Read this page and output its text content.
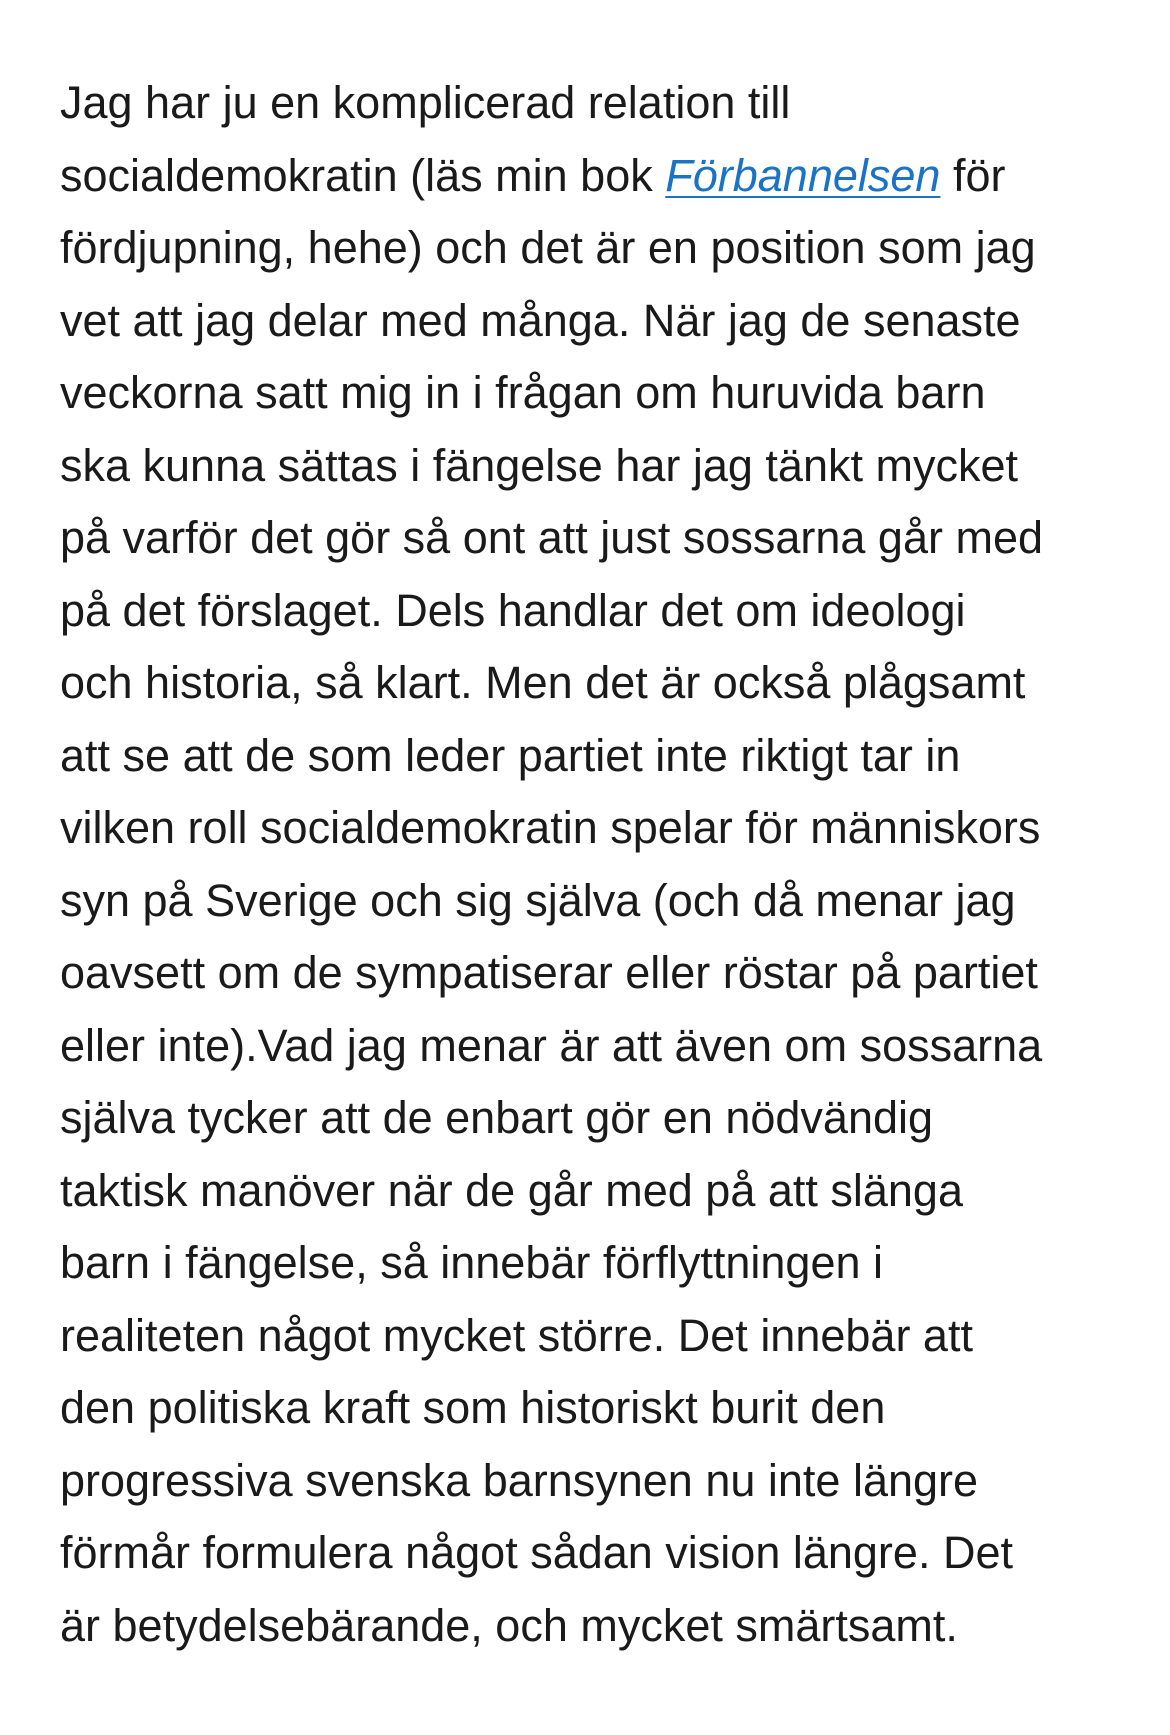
Jag har ju en komplicerad relation till
socialdemokratin (läs min bok Förbannelsen för
fördjupning, hehe) och det är en position som jag
vet att jag delar med många. När jag de senaste
veckorna satt mig in i frågan om huruvida barn
ska kunna sättas i fängelse har jag tänkt mycket
på varför det gör så ont att just sossarna går med
på det förslaget. Dels handlar det om ideologi
och historia, så klart. Men det är också plågsamt
att se att de som leder partiet inte riktigt tar in
vilken roll socialdemokratin spelar för människors
syn på Sverige och sig själva (och då menar jag
oavsett om de sympatiserar eller röstar på partiet
eller inte).Vad jag menar är att även om sossarna
själva tycker att de enbart gör en nödvändig
taktisk manöver när de går med på att slänga
barn i fängelse, så innebär förflyttningen i
realiteten något mycket större. Det innebär att
den politiska kraft som historiskt burit den
progressiva svenska barnsynen nu inte längre
förmår formulera något sådan vision längre. Det
är betydelsebärande, och mycket smärtsamt.
